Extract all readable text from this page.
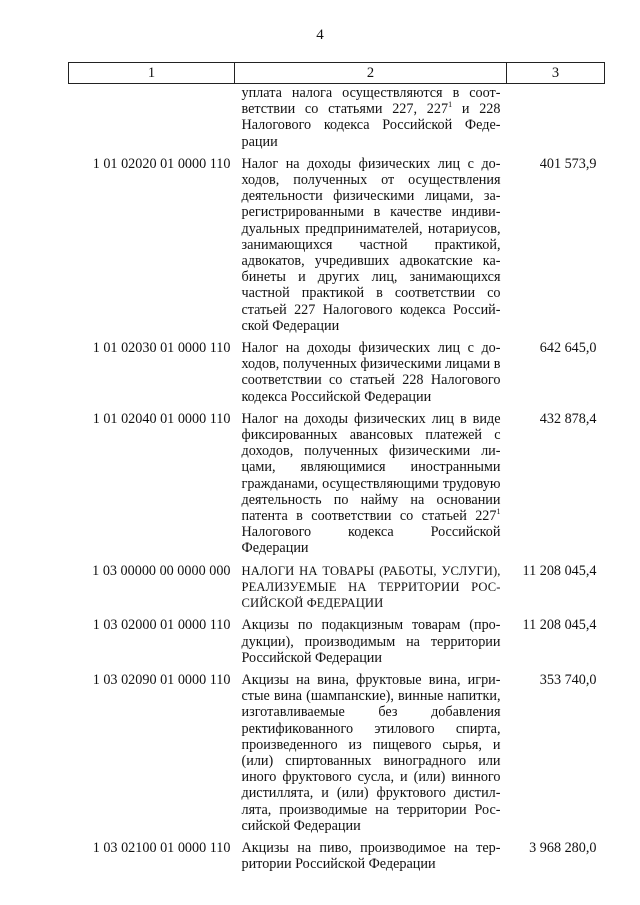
4
1	2	3
	уплата налога осуществляются в соответствии со статьями 227, $227^1$ и 228 Налогового кодекса Российской Федерации	
1 01 02020 01 0000 110	Налог на доходы физических лиц с доходов, полученных от осуществления деятельности физическими лицами, зарегистрированными в качестве индивидуальных предпринимателей, нотариусов, занимающихся частной практикой, адвокатов, учредивших адвокатские кабинеты и других лиц, занимающихся частной практикой в соответствии со статьей 227 Налогового кодекса Российской Федерации	401 573,9
1 01 02030 01 0000 110	Налог на доходы физических лиц с доходов, полученных физическими лицами в соответствии со статьей 228 Налогового кодекса Российской Федерации	642 645,0
1 01 02040 01 0000 110	Налог на доходы физических лиц в виде фиксированных авансовых платежей с доходов, полученных физическими лицами, являющимися иностранными гражданами, осуществляющими трудовую деятельность по найму на основании патента в соответствии со статьей $227^1$ Налогового кодекса Российской Федерации	432 878,4
1 03 00000 00 0000 000	НАЛОГИ НА ТОВАРЫ (РАБОТЫ, УСЛУГИ), РЕАЛИЗУЕМЫЕ НА ТЕРРИТОРИИ РОССИЙСКОЙ ФЕДЕРАЦИИ	11 208 045,4
1 03 02000 01 0000 110	Акцизы по подакцизным товарам (продукции), производимым на территории Российской Федерации	11 208 045,4
1 03 02090 01 0000 110	Акцизы на вина, фруктовые вина, игристые вина (шампанские), винные напитки, изготавливаемые без добавления ректификованного этилового спирта, произведенного из пищевого сырья, и (или) спиртованных виноградного или иного фруктового сусла, и (или) винного дистиллята, и (или) фруктового дистиллята, производимые на территории Российской Федерации	353 740,0
1 03 02100 01 0000 110	Акцизы на пиво, производимое на территории Российской Федерации	3 968 280,0
